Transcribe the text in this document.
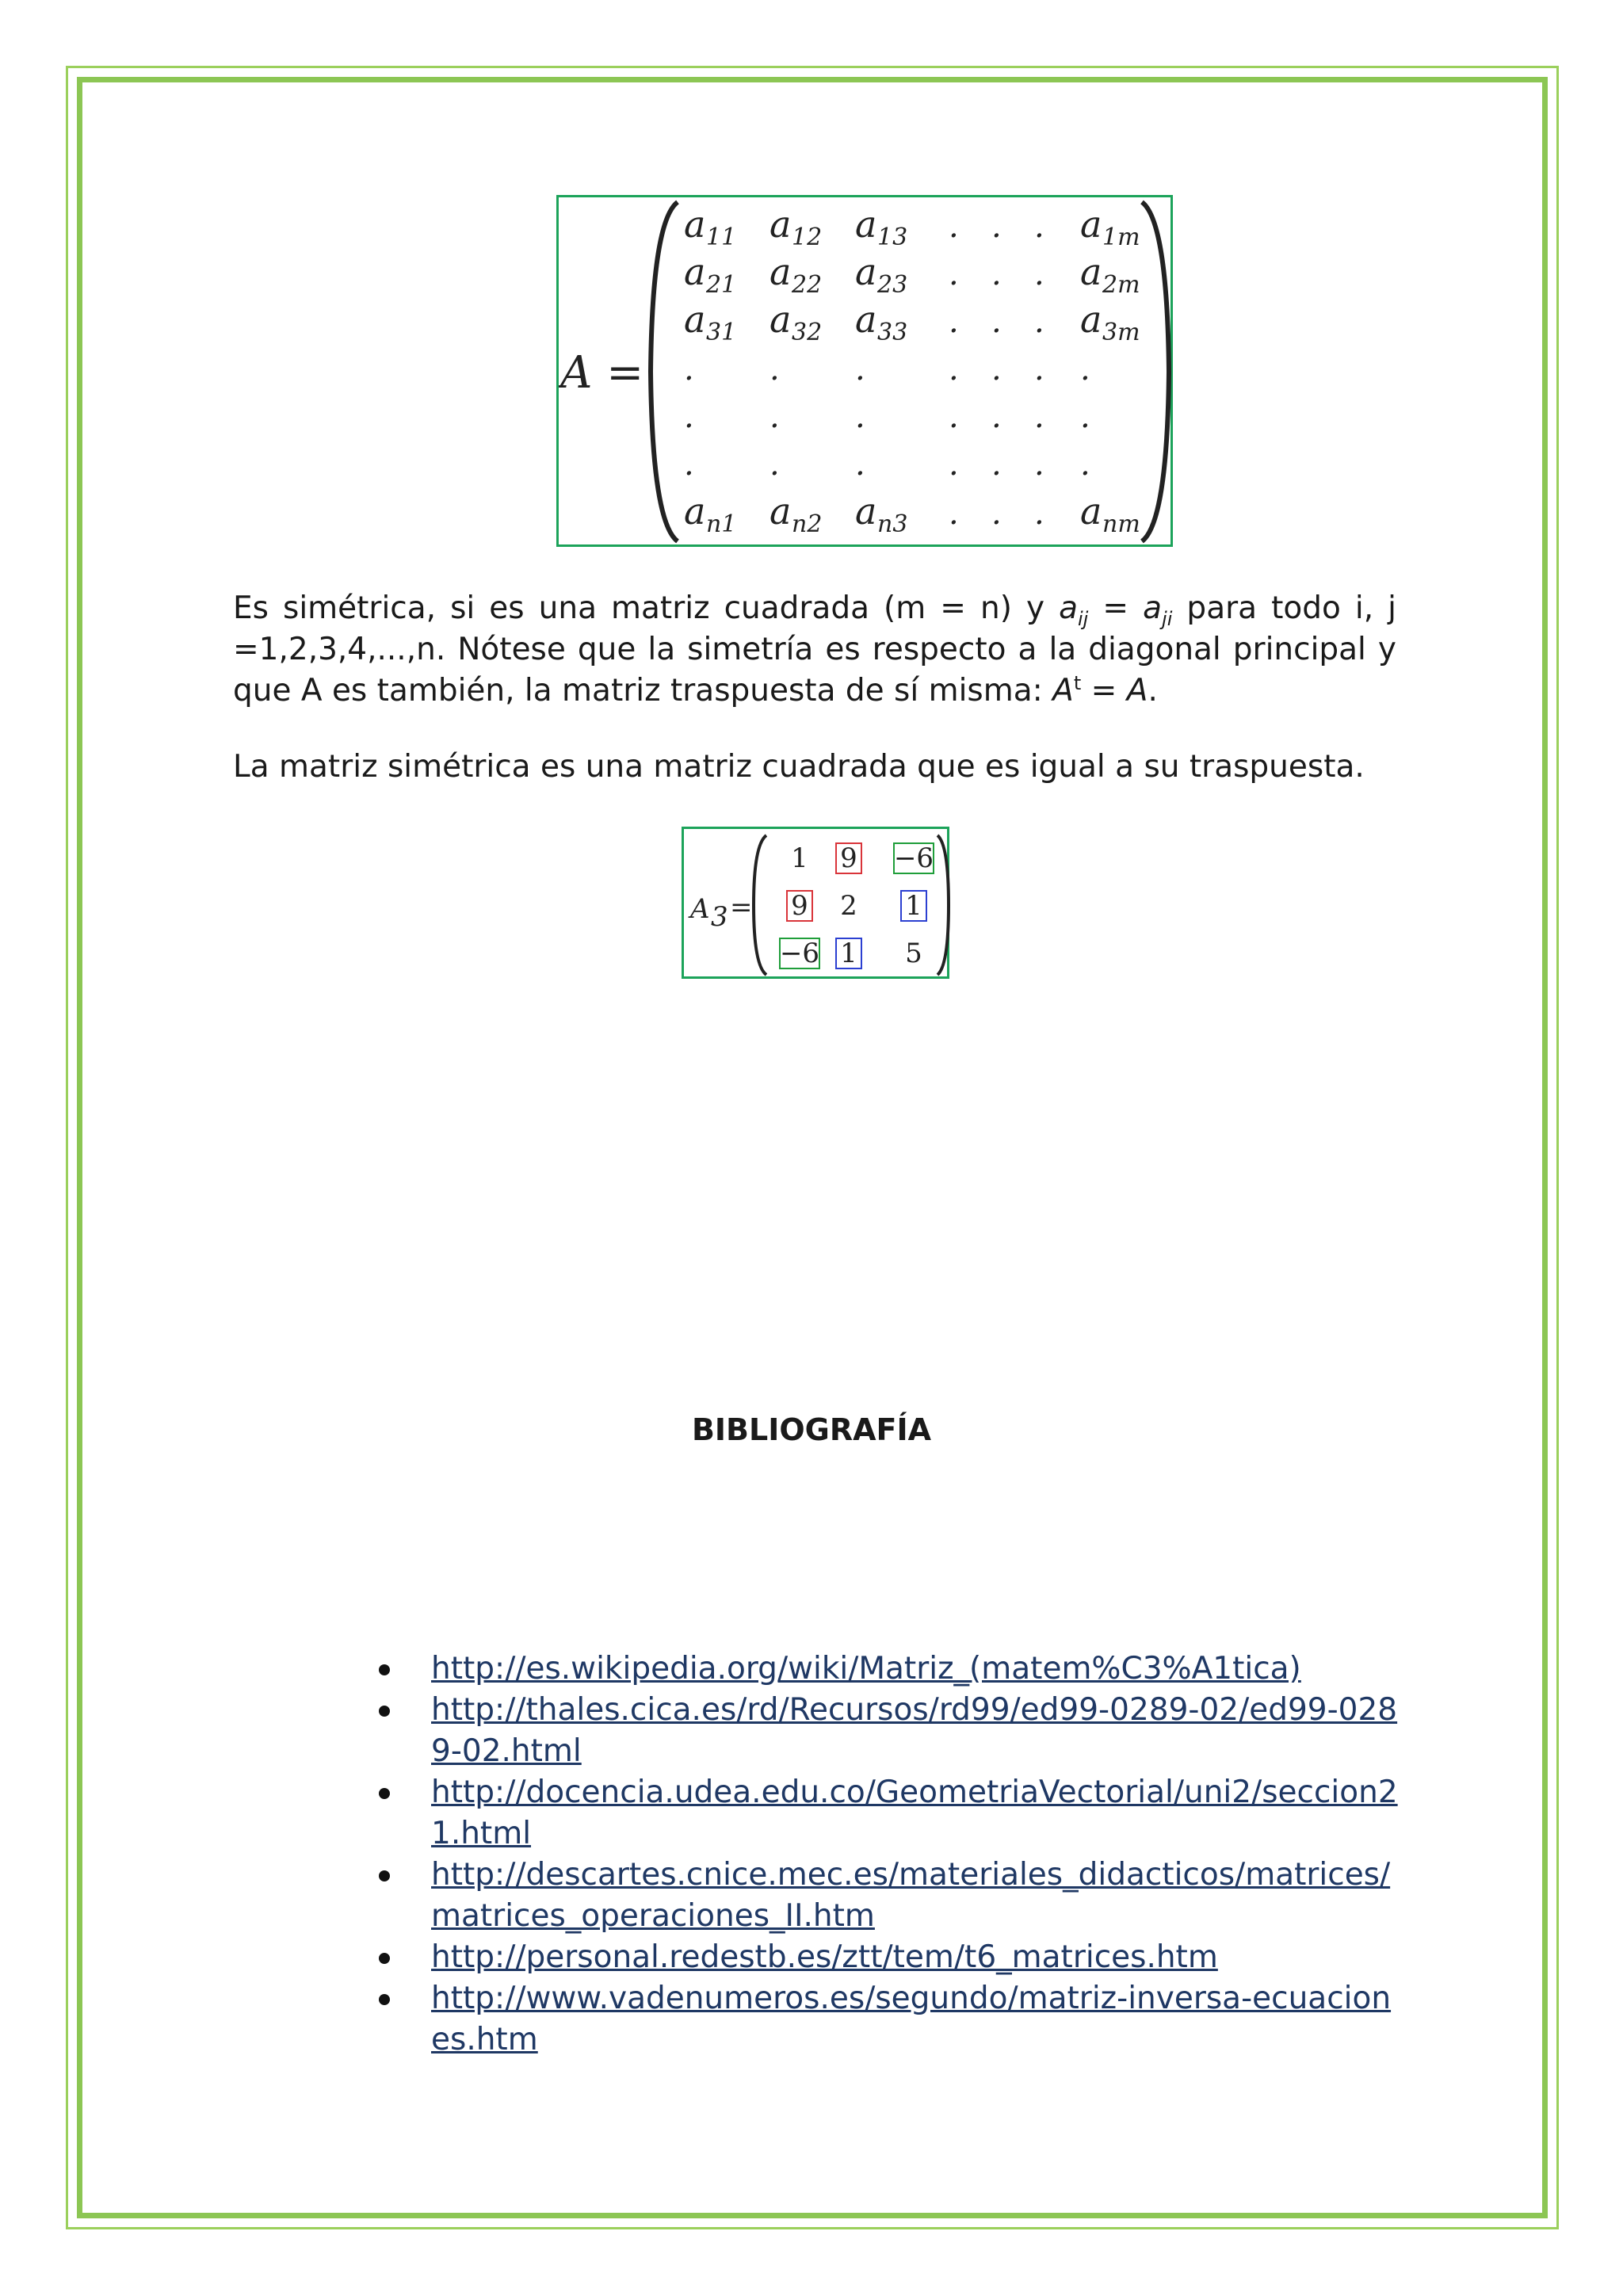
A =
a 11 a 12 a 13 . . . a 1m
a 21 a 22 a 23 . . . a 2m
a 31 a 32 a 33 . . . a 3m
. . .	. . . .
. . .	. . . .
. . .	. . . .
a n1 a n2 a n3 . . . a nm

Es simétrica, si es una matriz cuadrada (m = n) y $a_{ij} = a_{ji}$ para todo i, j =1,2,3,4,...,n. Nótese que la simetría es respecto a la diagonal principal y que A es también, la matriz traspuesta de sí misma: $A^t = A$.

La matriz simétrica es una matriz cuadrada que es igual a su traspuesta.

A 3 =
1 9 −6
9 2 1
−6 1 5
BIBLIOGRAFÍA
http://es.wikipedia.org/wiki/Matriz_(matem%C3%A1tica)
http://thales.cica.es/rd/Recursos/rd99/ed99-0289-02/ed99-0289-02.html
http://docencia.udea.edu.co/GeometriaVectorial/uni2/seccion21.html
http://descartes.cnice.mec.es/materiales_didacticos/matrices/matrices_operaciones_II.htm
http://personal.redestb.es/ztt/tem/t6_matrices.htm
http://www.vadenumeros.es/segundo/matriz-inversa-ecuaciones.htm
